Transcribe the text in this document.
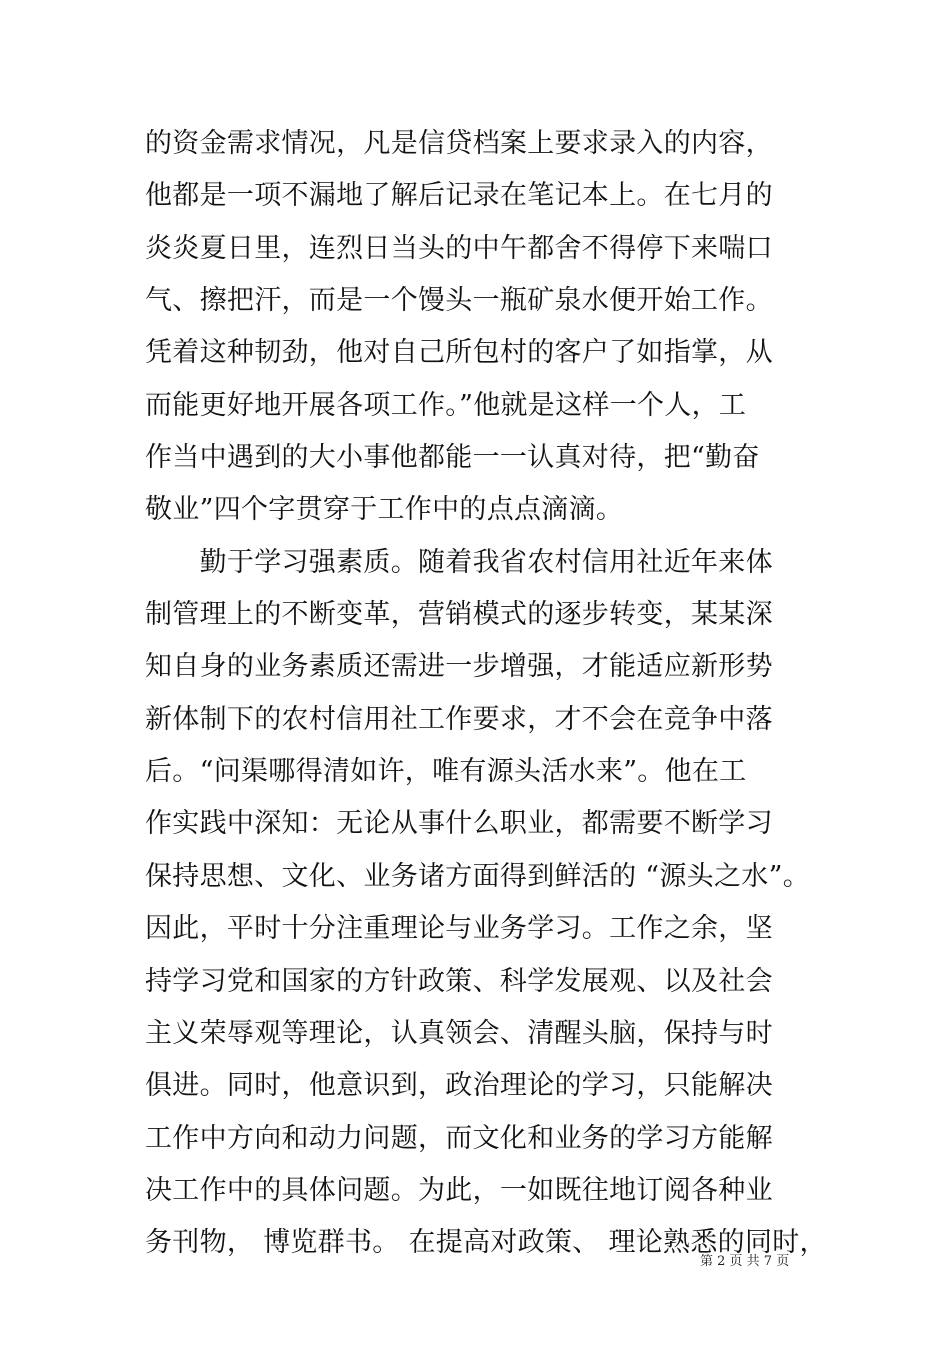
的资金需求情况，凡是信贷档案上要求录入的内容，
他都是一项不漏地了解后记录在笔记本上。在七月的
炎炎夏日里，连烈日当头的中午都舍不得停下来喘口
气、擦把汗，而是一个馒头一瓶矿泉水便开始工作。
凭着这种韧劲，他对自己所包村的客户了如指掌，从
而能更好地开展各项工作。”他就是这样一个人，工
作当中遇到的大小事他都能一一认真对待，把“勤奋
敬业”四个字贯穿于工作中的点点滴滴。
　　勤于学习强素质。随着我省农村信用社近年来体
制管理上的不断变革，营销模式的逐步转变，某某深
知自身的业务素质还需进一步增强，才能适应新形势
新体制下的农村信用社工作要求，才不会在竞争中落
后。“问渠哪得清如许，唯有源头活水来”。他在工
作实践中深知：无论从事什么职业，都需要不断学习
保持思想、文化、业务诸方面得到鲜活的 “源头之水”。
因此，平时十分注重理论与业务学习。工作之余，坚
持学习党和国家的方针政策、科学发展观、以及社会
主义荣辱观等理论，认真领会、清醒头脑，保持与时
俱进。同时，他意识到，政治理论的学习，只能解决
工作中方向和动力问题，而文化和业务的学习方能解
决工作中的具体问题。为此，一如既往地订阅各种业
务刊物， 博览群书。 在提高对政策、 理论熟悉的同时，
第 2 页 共 7 页
